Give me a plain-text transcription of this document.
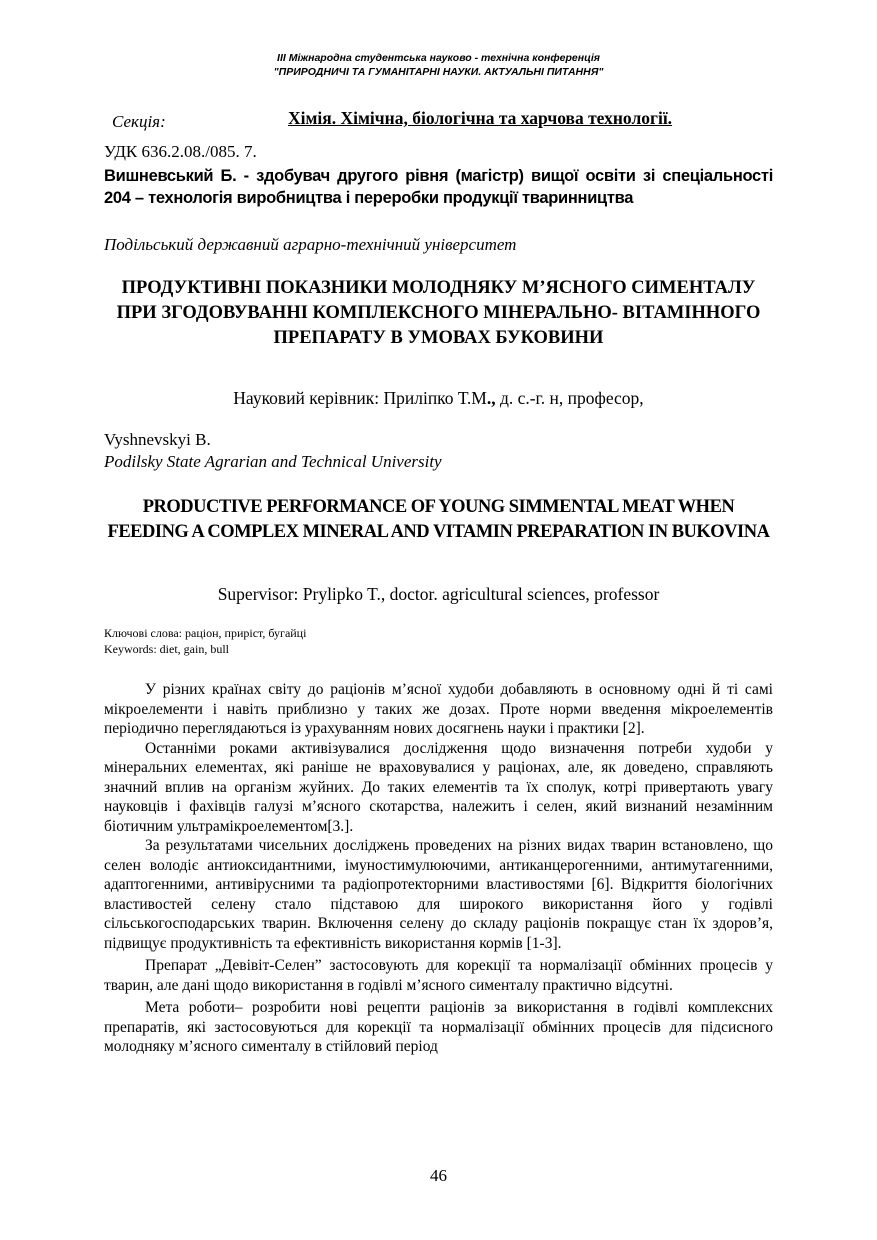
III Міжнародна студентська науково - технічна конференція
"ПРИРОДНИЧІ ТА ГУМАНІТАРНІ НАУКИ. АКТУАЛЬНІ ПИТАННЯ"
Секція:	Хімія. Хімічна, біологічна та харчова технології.
УДК 636.2.08./085. 7.
Вишневський Б. - здобувач другого рівня (магістр) вищої освіти зі спеціальності 204 – технологія виробництва і переробки продукції тваринництва
Подільський державний аграрно-технічний університет
ПРОДУКТИВНІ ПОКАЗНИКИ МОЛОДНЯКУ М’ЯСНОГО СИМЕНТАЛУ ПРИ ЗГОДОВУВАННІ КОМПЛЕКСНОГО МІНЕРАЛЬНО- ВІТАМІННОГО ПРЕПАРАТУ В УМОВАХ БУКОВИНИ
Науковий керівник: Приліпко Т.М., д. с.-г. н, професор,
Vyshnevskyi B.
Podilsky State Agrarian and Technical University
PRODUCTIVE PERFORMANCE OF YOUNG SIMMENTAL MEAT WHEN FEEDING A COMPLEX MINERAL AND VITAMIN PREPARATION IN BUKOVINA
Supervisor: Prylipko T., doctor. agricultural sciences, professor
Ключові слова: раціон, приріст, бугайці
Keywords: diet, gain, bull

У різних країнах світу до раціонів м’ясної худоби добавляють в основному одні й ті самі мікроелементи і навіть приблизно у таких же дозах. Проте норми введення мікроелементів періодично переглядаються із урахуванням нових досягнень науки і практики [2].

Останніми роками активізувалися дослідження щодо визначення потреби худоби у мінеральних елементах, які раніше не враховувалися у раціонах, але, як доведено, справляють значний вплив на організм жуйних. До таких елементів та їх сполук, котрі привертають увагу науковців і фахівців галузі м’ясного скотарства, належить і селен, який визнаний незамінним біотичним ультрамікроелементом[3.].

За результатами чисельних досліджень проведених на різних видах тварин встановлено, що селен володіє антиоксидантними, імуностимулюючими, антиканцерогенними, антимутагенними, адаптогенними, антивірусними та радіопротекторними властивостями [6]. Відкриття біологічних властивостей селену стало підставою для широкого використання його у годівлі сільськогосподарських тварин. Включення селену до складу раціонів покращує стан їх здоров’я, підвищує продуктивність та ефективність використання кормів [1-3].

Препарат „Девівіт-Селен” застосовують для корекції та нормалізації обмінних процесів у тварин, але дані щодо використання в годівлі м’ясного сименталу практично відсутні.

Мета роботи– розробити нові рецепти раціонів за використання в годівлі комплексних препаратів, які застосовуються для корекції та нормалізації обмінних процесів для підсисного молодняку м’ясного сименталу в стійловий період

46
